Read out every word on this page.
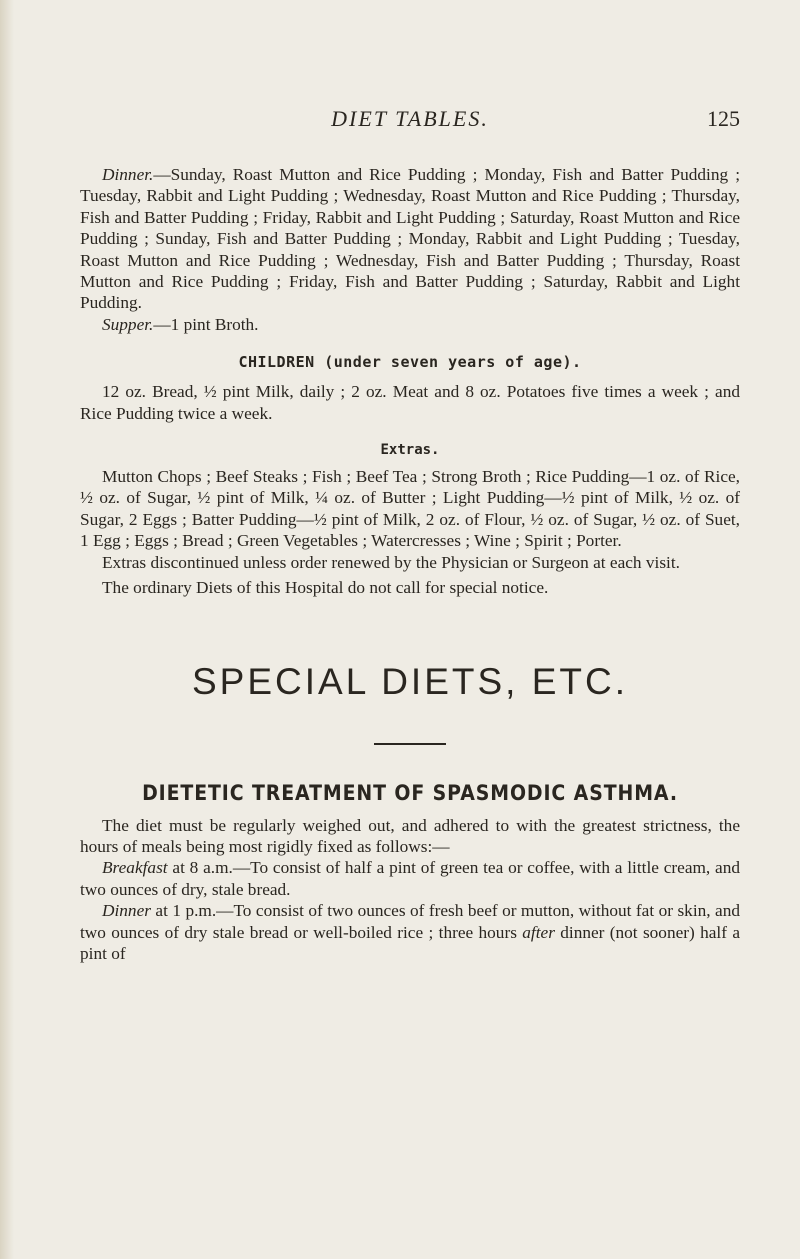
DIET TABLES.	125

Dinner.—Sunday, Roast Mutton and Rice Pudding ; Monday, Fish and Batter Pudding ; Tuesday, Rabbit and Light Pudding ; Wednesday, Roast Mutton and Rice Pudding ; Thursday, Fish and Batter Pudding ; Friday, Rabbit and Light Pudding ; Saturday, Roast Mutton and Rice Pudding ; Sunday, Fish and Batter Pudding ; Monday, Rabbit and Light Pudding ; Tuesday, Roast Mutton and Rice Pudding ; Wednesday, Fish and Batter Pudding ; Thursday, Roast Mutton and Rice Pudding ; Friday, Fish and Batter Pudding ; Saturday, Rabbit and Light Pudding.

Supper.—1 pint Broth.

CHILDREN (under seven years of age).

12 oz. Bread, ½ pint Milk, daily ; 2 oz. Meat and 8 oz. Potatoes five times a week ; and Rice Pudding twice a week.

Extras.

Mutton Chops ; Beef Steaks ; Fish ; Beef Tea ; Strong Broth ; Rice Pudding—1 oz. of Rice, ½ oz. of Sugar, ½ pint of Milk, ¼ oz. of Butter ; Light Pudding—½ pint of Milk, ½ oz. of Sugar, 2 Eggs ; Batter Pudding—½ pint of Milk, 2 oz. of Flour, ½ oz. of Sugar, ½ oz. of Suet, 1 Egg ; Eggs ; Bread ; Green Vegetables ; Watercresses ; Wine ; Spirit ; Porter.

Extras discontinued unless order renewed by the Physician or Surgeon at each visit.

The ordinary Diets of this Hospital do not call for special notice.

SPECIAL DIETS, ETC.
DIETETIC TREATMENT OF SPASMODIC ASTHMA.

The diet must be regularly weighed out, and adhered to with the greatest strictness, the hours of meals being most rigidly fixed as follows:—

Breakfast at 8 a.m.—To consist of half a pint of green tea or coffee, with a little cream, and two ounces of dry, stale bread.

Dinner at 1 p.m.—To consist of two ounces of fresh beef or mutton, without fat or skin, and two ounces of dry stale bread or well-boiled rice ; three hours after dinner (not sooner) half a pint of
